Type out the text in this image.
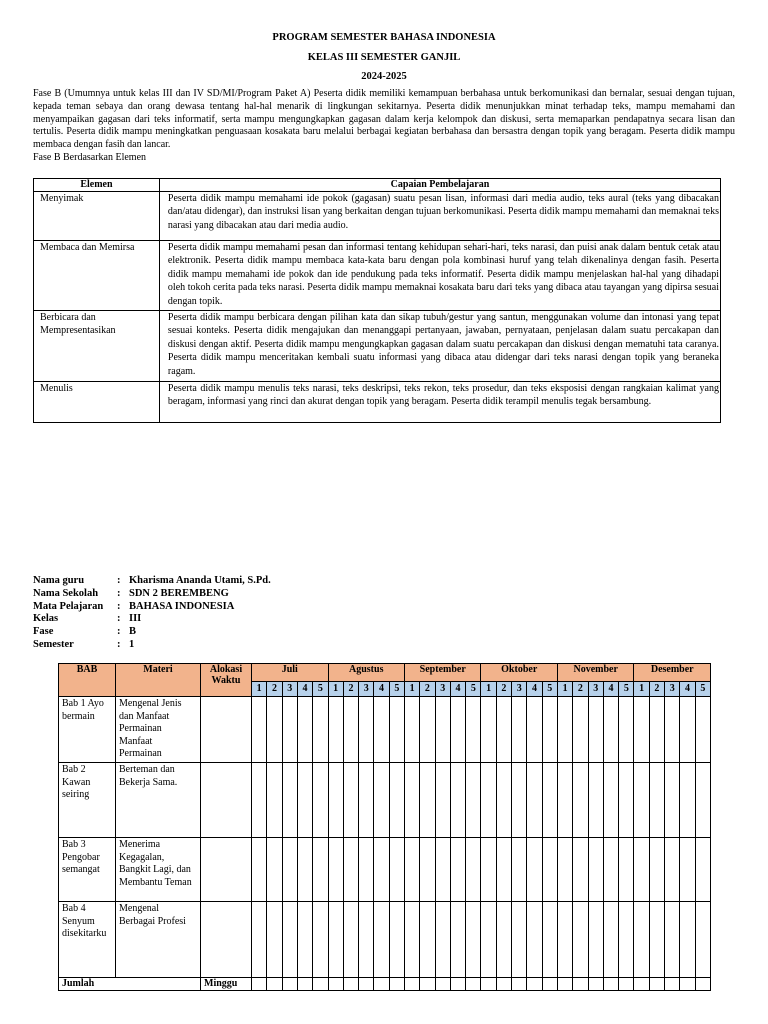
PROGRAM SEMESTER BAHASA INDONESIA
KELAS III SEMESTER GANJIL
2024-2025
Fase B (Umumnya untuk kelas III dan IV SD/MI/Program Paket A) Peserta didik memiliki kemampuan berbahasa untuk berkomunikasi dan bernalar, sesuai dengan tujuan, kepada teman sebaya dan orang dewasa tentang hal-hal menarik di lingkungan sekitarnya. Peserta didik menunjukkan minat terhadap teks, mampu memahami dan menyampaikan gagasan dari teks informatif, serta mampu mengungkapkan gagasan dalam kerja kelompok dan diskusi, serta memaparkan pendapatnya secara lisan dan tertulis. Peserta didik mampu meningkatkan penguasaan kosakata baru melalui berbagai kegiatan berbahasa dan bersastra dengan topik yang beragam. Peserta didik mampu membaca dengan fasih dan lancar.
Fase B Berdasarkan Elemen
Elemen	Capaian Pembelajaran
Menyimak	Peserta didik mampu memahami ide pokok (gagasan) suatu pesan lisan, informasi dari media audio, teks aural (teks yang dibacakan dan/atau didengar), dan instruksi lisan yang berkaitan dengan tujuan berkomunikasi. Peserta didik mampu memahami dan memaknai teks narasi yang dibacakan atau dari media audio.
Membaca dan Memirsa	Peserta didik mampu memahami pesan dan informasi tentang kehidupan sehari-hari, teks narasi, dan puisi anak dalam bentuk cetak atau elektronik. Peserta didik mampu membaca kata-kata baru dengan pola kombinasi huruf yang telah dikenalinya dengan fasih. Peserta didik mampu memahami ide pokok dan ide pendukung pada teks informatif. Peserta didik mampu menjelaskan hal-hal yang dihadapi oleh tokoh cerita pada teks narasi. Peserta didik mampu memaknai kosakata baru dari teks yang dibaca atau tayangan yang dipirsa sesuai dengan topik.
Berbicara dan Mempresentasikan	Peserta didik mampu berbicara dengan pilihan kata dan sikap tubuh/gestur yang santun, menggunakan volume dan intonasi yang tepat sesuai konteks. Peserta didik mengajukan dan menanggapi pertanyaan, jawaban, pernyataan, penjelasan dalam suatu percakapan dan diskusi dengan aktif. Peserta didik mampu mengungkapkan gagasan dalam suatu percakapan dan diskusi dengan mematuhi tata caranya. Peserta didik mampu menceritakan kembali suatu informasi yang dibaca atau didengar dari teks narasi dengan topik yang beraneka ragam.
Menulis	Peserta didik mampu menulis teks narasi, teks deskripsi, teks rekon, teks prosedur, dan teks eksposisi dengan rangkaian kalimat yang beragam, informasi yang rinci dan akurat dengan topik yang beragam. Peserta didik terampil menulis tegak bersambung.
Nama guru	: Kharisma Ananda Utami, S.Pd.
Nama Sekolah : SDN 2 BEREMBENG
Mata Pelajaran : BAHASA INDONESIA
Kelas	: III
Fase	: B
Semester	: 1
BAB	Materi	Alokasi Waktu	Juli					Agustus					September					Oktober					November					Desember				
			1	2	3	4	5	1	2	3	4	5	1	2	3	4	5	1	2	3	4	5	1	2	3	4	5	1	2	3	4	5
Bab 1 Ayo bermain	Mengenal Jenis dan Manfaat Permainan Manfaat Permainan																															
Bab 2 Kawan seiring	Berteman dan Bekerja Sama.																															
Bab 3 Pengobar semangat	Menerima Kegagalan, Bangkit Lagi, dan Membantu Teman																															
Bab 4 Senyum disekitarku	Mengenal Berbagai Profesi																															
Jumlah		Minggu																														
